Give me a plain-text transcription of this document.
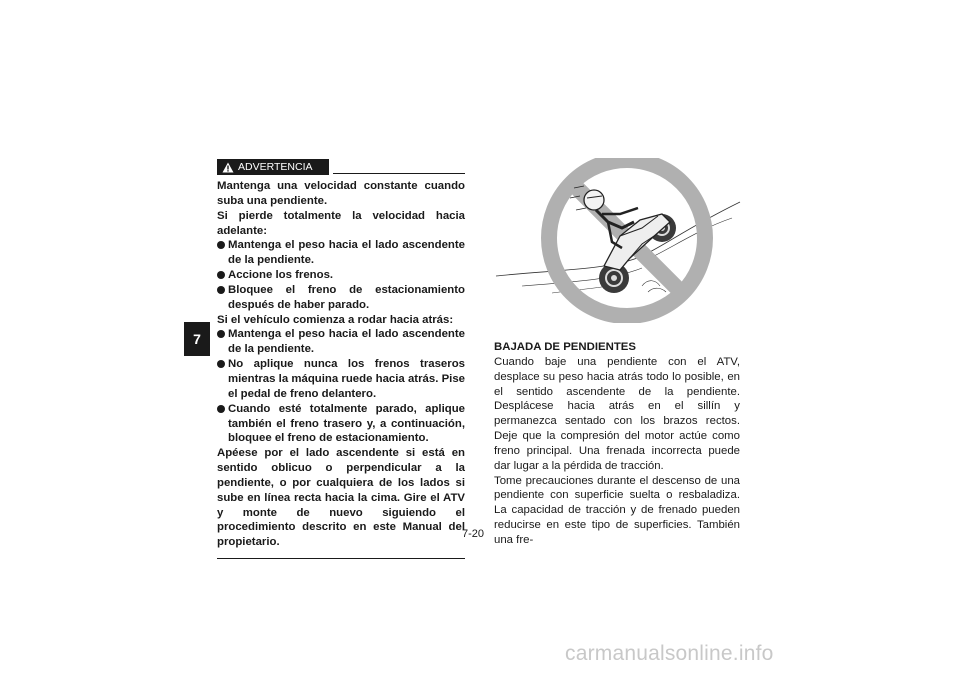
7
ADVERTENCIA

Mantenga una velocidad constante cuando suba una pendiente.

Si pierde totalmente la velocidad hacia adelante:

Mantenga el peso hacia el lado ascendente de la pendiente.
Accione los frenos.
Bloquee el freno de estacionamiento después de haber parado.

Si el vehículo comienza a rodar hacia atrás:

Mantenga el peso hacia el lado ascendente de la pendiente.
No aplique nunca los frenos traseros mientras la máquina ruede hacia atrás. Pise el pedal de freno delantero.
Cuando esté totalmente parado, aplique también el freno trasero y, a continuación, bloquee el freno de estacionamiento.

Apéese por el lado ascendente si está en sentido oblicuo o perpendicular a la pendiente, o por cualquiera de los lados si sube en línea recta hacia la cima. Gire el ATV y monte de nuevo siguiendo el procedimiento descrito en este Manual del propietario.

BAJADA DE PENDIENTES

Cuando baje una pendiente con el ATV, desplace su peso hacia atrás todo lo posible, en el sentido ascendente de la pendiente. Desplácese hacia atrás en el sillín y permanezca sentado con los brazos rectos. Deje que la compresión del motor actúe como freno principal. Una frenada incorrecta puede dar lugar a la pérdida de tracción.

Tome precauciones durante el descenso de una pendiente con superficie suelta o resbaladiza. La capacidad de tracción y de frenado pueden reducirse en este tipo de superficies. También una fre-

7-20
carmanualsonline.info
